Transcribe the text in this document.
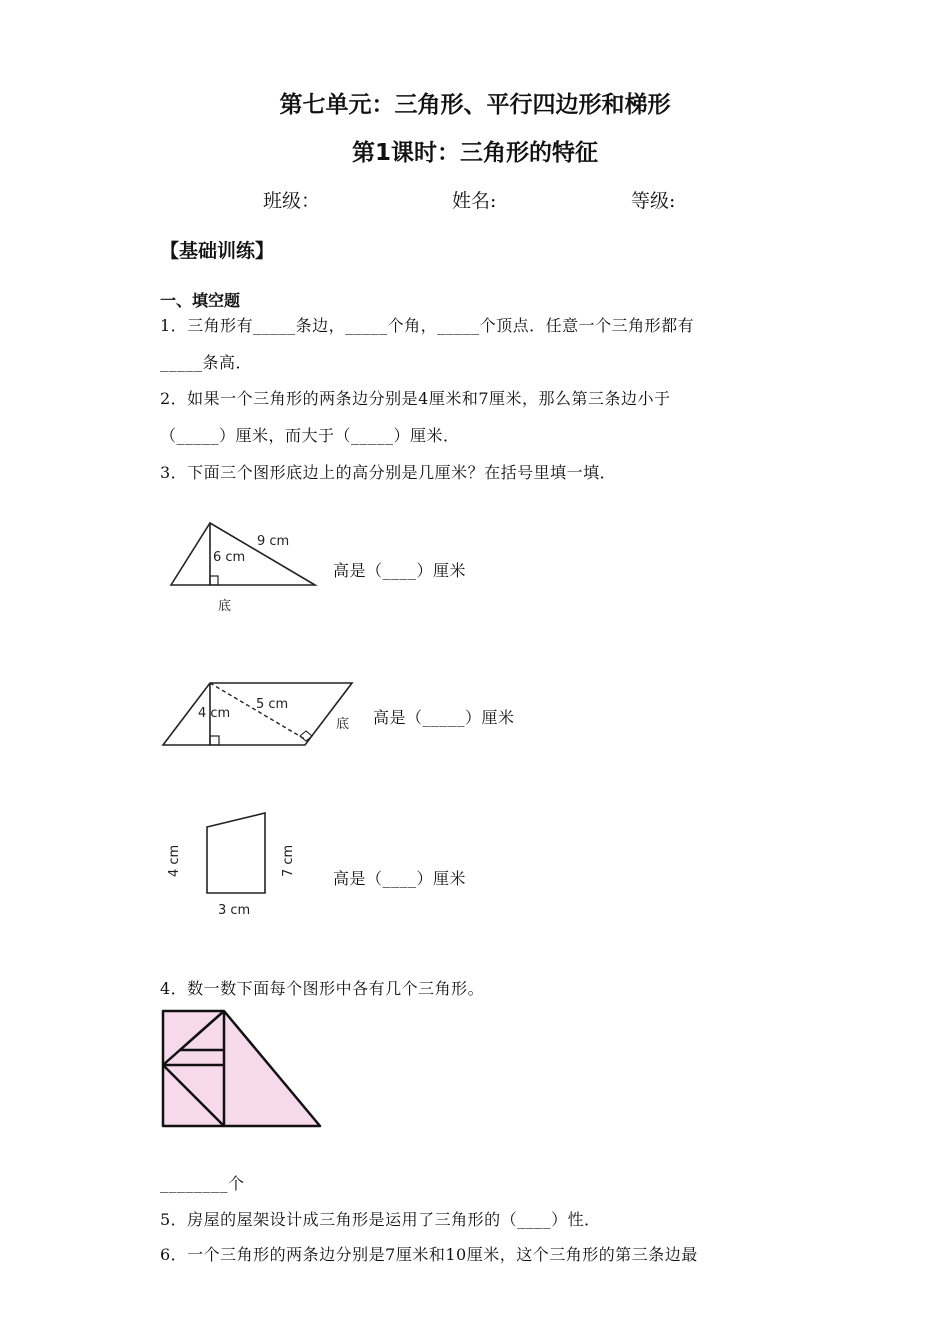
第七单元：三角形、平行四边形和梯形
第1课时：三角形的特征
班级：	姓名:	等级:
【基础训练】
一、填空题
1．三角形有_____条边，_____个角，_____个顶点．任意一个三角形都有
_____条高．
2．如果一个三角形的两条边分别是4厘米和7厘米，那么第三条边小于
（_____）厘米，而大于（_____）厘米．
3．下面三个图形底边上的高分别是几厘米？在括号里填一填．
6 cm
9 cm
底
高是（____）厘米
4 cm
5 cm
底 高是（_____）厘米
4 cm	7 cm
3 cm
高是（____）厘米
4．数一数下面每个图形中各有几个三角形。
________个
5．房屋的屋架设计成三角形是运用了三角形的（____）性．
6．一个三角形的两条边分别是7厘米和10厘米，这个三角形的第三条边最
